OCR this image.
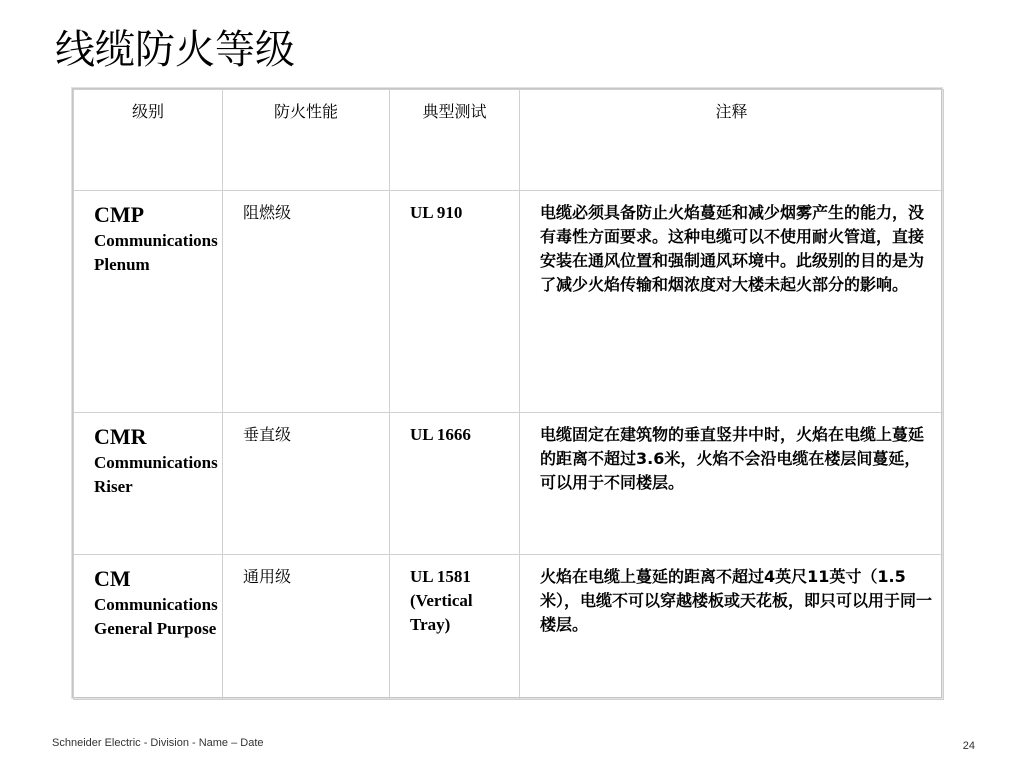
线缆防火等级
级别	防火性能	典型测试	注释

CMP
Communications Plenum	阻燃级	UL 910	电缆必须具备防止火焰蔓延和减少烟雾产生的能力，没有毒性方面要求。这种电缆可以不使用耐火管道，直接安装在通风位置和强制通风环境中。此级别的目的是为了减少火焰传输和烟浓度对大楼未起火部分的影响。

CMR
Communications Riser	垂直级	UL 1666	电缆固定在建筑物的垂直竖井中时，火焰在电缆上蔓延的距离不超过3.6米，火焰不会沿电缆在楼层间蔓延，可以用于不同楼层。

CM
Communications General Purpose	通用级	UL 1581 (Vertical Tray)	火焰在电缆上蔓延的距离不超过4英尺11英寸（1.5米），电缆不可以穿越楼板或天花板，即只可以用于同一楼层。
Schneider Electric - Division - Name – Date	24
